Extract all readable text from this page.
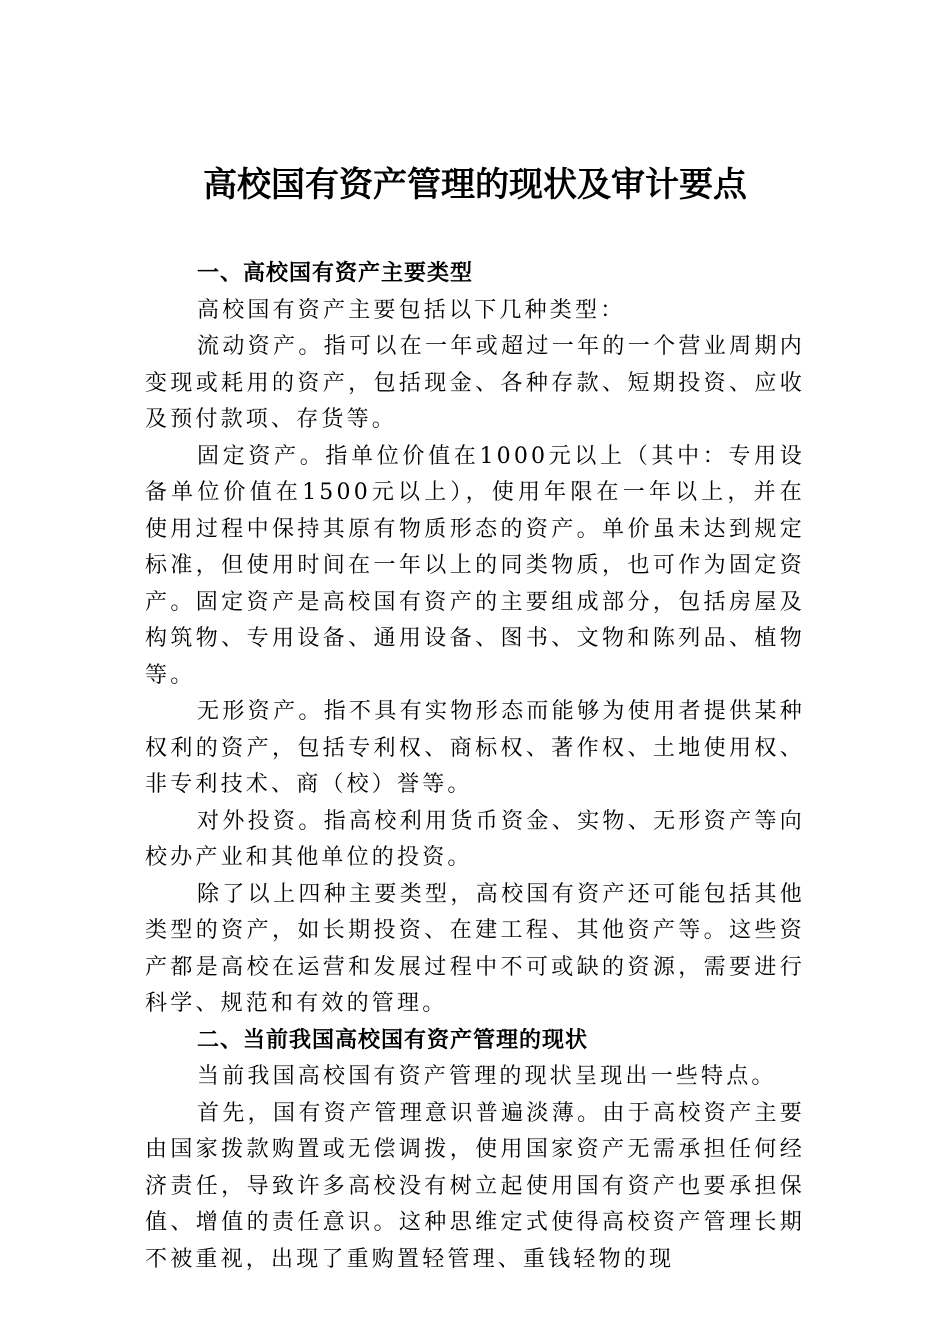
高校国有资产管理的现状及审计要点
一、高校国有资产主要类型

高校国有资产主要包括以下几种类型：

流动资产。指可以在一年或超过一年的一个营业周期内变现或耗用的资产，包括现金、各种存款、短期投资、应收及预付款项、存货等。

固定资产。指单位价值在1000元以上（其中：专用设备单位价值在1500元以上），使用年限在一年以上，并在使用过程中保持其原有物质形态的资产。单价虽未达到规定标准，但使用时间在一年以上的同类物质，也可作为固定资产。固定资产是高校国有资产的主要组成部分，包括房屋及构筑物、专用设备、通用设备、图书、文物和陈列品、植物等。

无形资产。指不具有实物形态而能够为使用者提供某种权利的资产，包括专利权、商标权、著作权、土地使用权、非专利技术、商（校）誉等。

对外投资。指高校利用货币资金、实物、无形资产等向校办产业和其他单位的投资。

除了以上四种主要类型，高校国有资产还可能包括其他类型的资产，如长期投资、在建工程、其他资产等。这些资产都是高校在运营和发展过程中不可或缺的资源，需要进行科学、规范和有效的管理。

二、当前我国高校国有资产管理的现状

当前我国高校国有资产管理的现状呈现出一些特点。

首先，国有资产管理意识普遍淡薄。由于高校资产主要由国家拨款购置或无偿调拨，使用国家资产无需承担任何经济责任，导致许多高校没有树立起使用国有资产也要承担保值、增值的责任意识。这种思维定式使得高校资产管理长期不被重视，出现了重购置轻管理、重钱轻物的现
